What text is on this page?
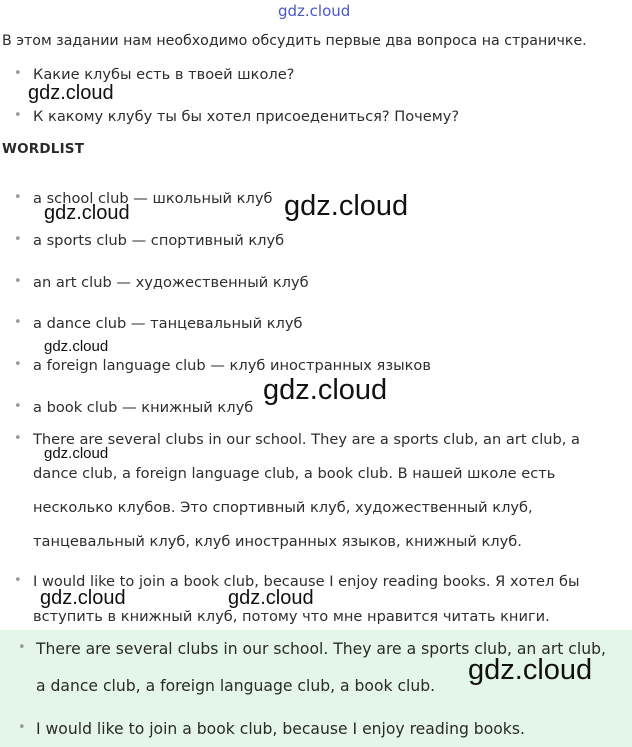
gdz.cloud
В этом задании нам необходимо обсудить первые два вопроса на страничке.
• Какие клубы есть в твоей школе?
• К какому клубу ты бы хотел присоедениться? Почему?
WORDLIST
• a school club — школьный клуб
• a sports club — спортивный клуб
• an art club — художественный клуб
• a dance club — танцевальный клуб
• a foreign language club — клуб иностранных языков
• a book club — книжный клуб
• There are several clubs in our school. They are a sports club, an art club, a
dance club, a foreign language club, a book club. В нашей школе есть
несколько клубов. Это спортивный клуб, художественный клуб,
танцевальный клуб, клуб иностранных языков, книжный клуб.
• I would like to join a book club, because I enjoy reading books. Я хотел бы
вступить в книжный клуб, потому что мне нравится читать книги.
• There are several clubs in our school. They are a sports club, an art club,
a dance club, a foreign language club, a book club.
• I would like to join a book club, because I enjoy reading books.
gdz.cloud
gdz.cloud	gdz.cloud
gdz.cloud
gdz.cloud
gdz.cloud
gdz.cloud	gdz.cloud
gdz.cloud
